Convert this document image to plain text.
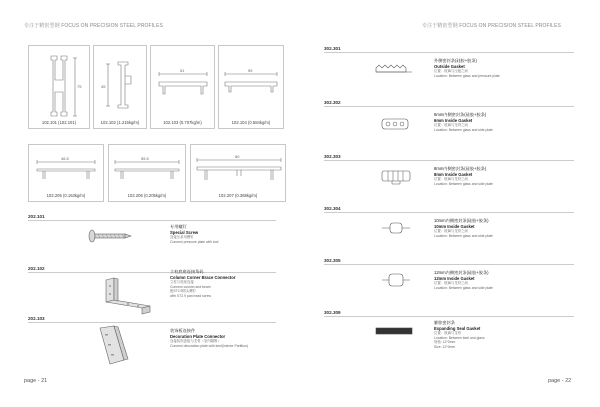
专注于精密型钢 FOCUS ON PRECISION STEEL PROFILES	专注于精密型钢 FOCUS ON PRECISION STEEL PROFILES
75
102.101 (102.101)
45
102.102 (1.215kg/m)
51
102.103 (0.707kg/m)
59
102.104 (0.584kg/m)
46.5
102.205 (0.163kg/m)
55.5
102.206 (0.205kg/m)
80
102.207 (0.368kg/m)
202.101
专用螺钉
Special Screw
连接压条用螺钉
Connect pressure plate with tool
202.102
立柱底座连接角码
Column Corner Brace Connector
立柱与底座连接
Connect column and beam
配ST2.9圆头螺钉
with ST2.9 pan head screw
202.103
装饰板连接件
Decoration Plate Connector
连接装饰盖板与龙骨（室内隔断）
Connect decoration plate with keel(Interior Partition)
302.301
外侧密封条(硅胶+胶条)
Outside Gasket
位置：玻璃与压板之间
Location: Between glass and pressure plate
302.302
6mm内侧密封条(硅胶+胶条)
6mm Inside Gasket
位置：玻璃与龙骨之间
Location: Between glass and side plate
302.303
8mm内侧密封条(硅胶+胶条)
8mm Inside Gasket
位置：玻璃与龙骨之间
Location: Between glass and side plate
302.304
10mm内侧密封条(硅胶+胶条)
10mm Inside Gasket
位置：玻璃与龙骨之间
Location: Between glass and side plate
302.305
12mm内侧密封条(硅胶+胶条)
12mm Inside Gasket
位置：玻璃与龙骨之间
Location: Between glass and side plate
302.309
膨胀密封条
Expanding Seal Gasket
位置：玻璃与龙骨
Location: Between keel and glass
规格: 12*2mm
Size: 12*2mm
page - 21	page - 22
